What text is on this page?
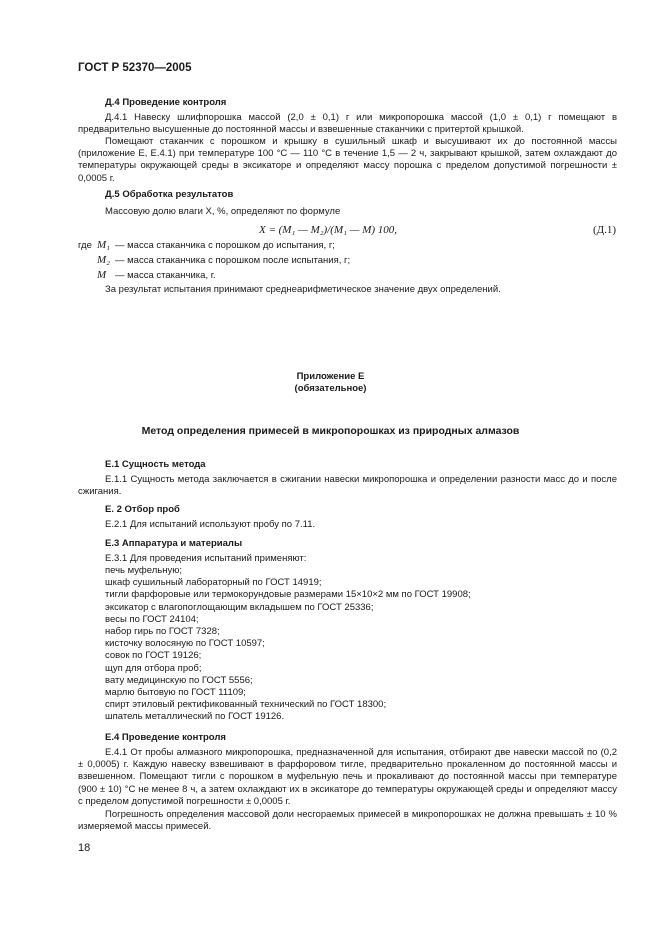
ГОСТ Р 52370—2005
Д.4 Проведение контроля
Д.4.1 Навеску шлифпорошка массой (2,0 ± 0,1) г или микропорошка массой (1,0 ± 0,1) г помещают в предварительно высушенные до постоянной массы и взвешенные стаканчики с притертой крышкой.
Помещают стаканчик с порошком и крышку в сушильный шкаф и высушивают их до постоянной массы (приложение Е, Е.4.1) при температуре 100 °С — 110 °С в течение 1,5 — 2 ч, закрывают крышкой, затем охлаждают до температуры окружающей среды в эксикаторе и определяют массу порошка с пределом допустимой погрешности ± 0,0005 г.
Д.5 Обработка результатов
Массовую долю влаги X, %, определяют по формуле
X = (M₁ — M₂)/(M₁ — M) 100,	(Д.1)
где M₁ — масса стаканчика с порошком до испытания, г;
M₂ — масса стаканчика с порошком после испытания, г;
M — масса стаканчика, г.
За результат испытания принимают среднеарифметическое значение двух определений.
Приложение Е
(обязательное)
Метод определения примесей в микропорошках из природных алмазов
Е.1 Сущность метода
Е.1.1 Сущность метода заключается в сжигании навески микропорошка и определении разности масс до и после сжигания.
Е. 2 Отбор проб
Е.2.1 Для испытаний используют пробу по 7.11.
Е.3 Аппаратура и материалы
Е.3.1 Для проведения испытаний применяют:
печь муфельную;
шкаф сушильный лабораторный по ГОСТ 14919;
тигли фарфоровые или термокорундовые размерами 15×10×2 мм по ГОСТ 19908;
эксикатор с влагопоглощающим вкладышем по ГОСТ 25336;
весы по ГОСТ 24104;
набор гирь по ГОСТ 7328;
кисточку волосяную по ГОСТ 10597;
совок по ГОСТ 19126;
щуп для отбора проб;
вату медицинскую по ГОСТ 5556;
марлю бытовую по ГОСТ 11109;
спирт этиловый ректификованный технический по ГОСТ 18300;
шпатель металлический по ГОСТ 19126.
Е.4 Проведение контроля
Е.4.1 От пробы алмазного микропорошка, предназначенной для испытания, отбирают две навески массой по (0,2 ± 0,0005) г. Каждую навеску взвешивают в фарфоровом тигле, предварительно прокаленном до постоянной массы и взвешенном. Помещают тигли с порошком в муфельную печь и прокаливают до постоянной массы при температуре (900 ± 10) °С не менее 8 ч, а затем охлаждают их в эксикаторе до температуры окружающей среды и определяют массу с пределом допустимой погрешности ± 0,0005 г.
Погрешность определения массовой доли несгораемых примесей в микропорошках не должна превышать ± 10 % измеряемой массы примесей.
18
